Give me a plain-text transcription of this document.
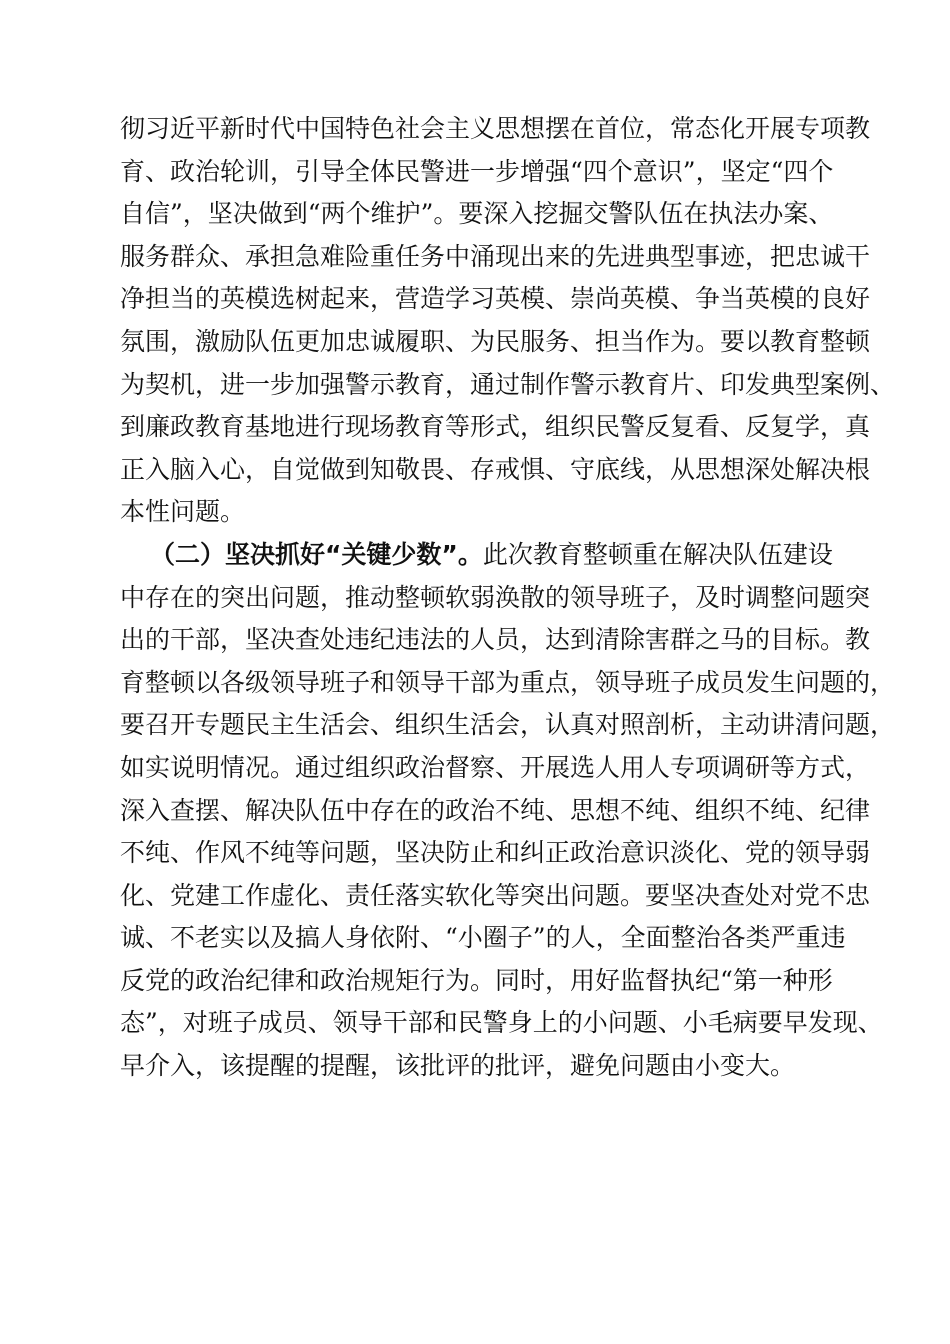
彻习近平新时代中国特色社会主义思想摆在首位，常态化开展专项教
育、政治轮训，引导全体民警进一步增强“四个意识”，坚定“四个
自信”，坚决做到“两个维护”。要深入挖掘交警队伍在执法办案、
服务群众、承担急难险重任务中涌现出来的先进典型事迹，把忠诚干
净担当的英模选树起来，营造学习英模、崇尚英模、争当英模的良好
氛围，激励队伍更加忠诚履职、为民服务、担当作为。要以教育整顿
为契机，进一步加强警示教育，通过制作警示教育片、印发典型案例、
到廉政教育基地进行现场教育等形式，组织民警反复看、反复学，真
正入脑入心，自觉做到知敬畏、存戒惧、守底线，从思想深处解决根
本性问题。
（二）坚决抓好“关键少数”。此次教育整顿重在解决队伍建设
中存在的突出问题，推动整顿软弱涣散的领导班子，及时调整问题突
出的干部，坚决查处违纪违法的人员，达到清除害群之马的目标。教
育整顿以各级领导班子和领导干部为重点，领导班子成员发生问题的，
要召开专题民主生活会、组织生活会，认真对照剖析，主动讲清问题，
如实说明情况。通过组织政治督察、开展选人用人专项调研等方式，
深入查摆、解决队伍中存在的政治不纯、思想不纯、组织不纯、纪律
不纯、作风不纯等问题，坚决防止和纠正政治意识淡化、党的领导弱
化、党建工作虚化、责任落实软化等突出问题。要坚决查处对党不忠
诚、不老实以及搞人身依附、“小圈子”的人，全面整治各类严重违
反党的政治纪律和政治规矩行为。同时，用好监督执纪“第一种形
态”，对班子成员、领导干部和民警身上的小问题、小毛病要早发现、
早介入，该提醒的提醒，该批评的批评，避免问题由小变大。
